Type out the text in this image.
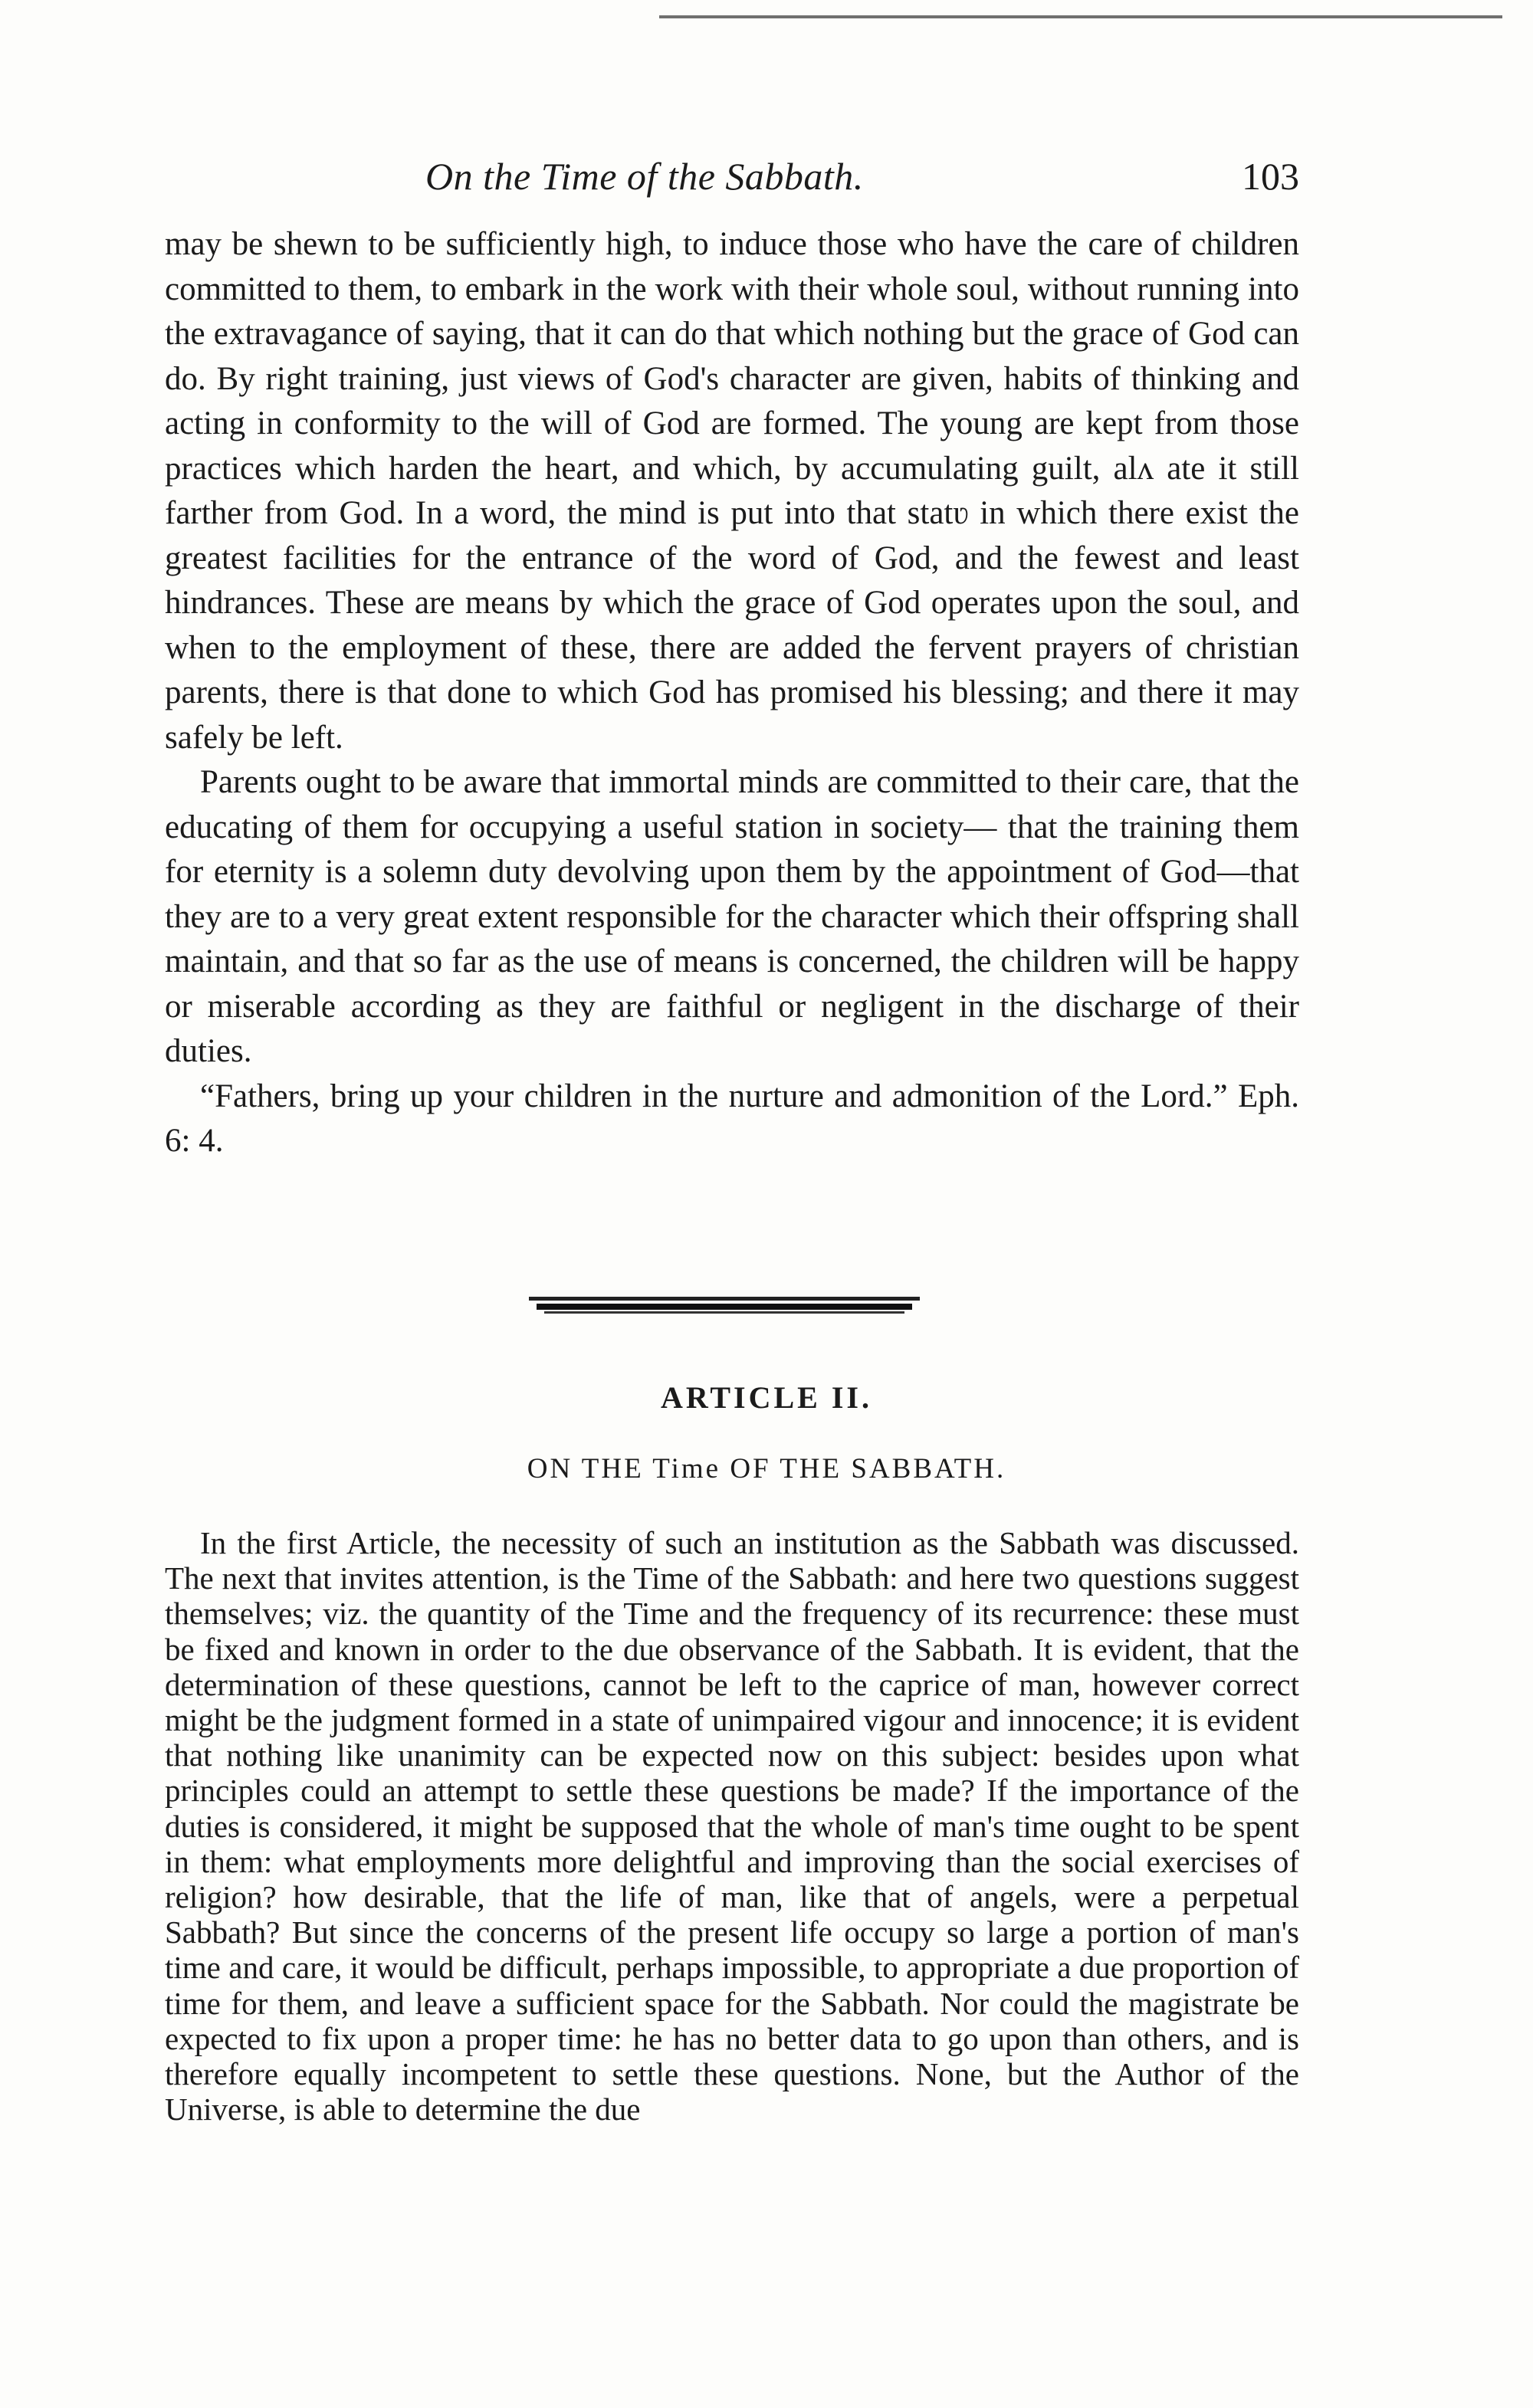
On the Time of the Sabbath.	103

may be shewn to be sufficiently high, to induce those who have the care of children committed to them, to embark in the work with their whole soul, without running into the extravagance of saying, that it can do that which nothing but the grace of God can do. By right training, just views of God's character are given, habits of thinking and acting in conformity to the will of God are formed. The young are kept from those practices which harden the heart, and which, by accumulating guilt, alʌ ate it still farther from God. In a word, the mind is put into that statʋ in which there exist the greatest facilities for the entrance of the word of God, and the fewest and least hindrances. These are means by which the grace of God operates upon the soul, and when to the employment of these, there are added the fervent prayers of christian parents, there is that done to which God has promised his blessing; and there it may safely be left.

Parents ought to be aware that immortal minds are committed to their care, that the educating of them for occupying a useful station in society— that the training them for eternity is a solemn duty devolving upon them by the appointment of God—that they are to a very great extent responsible for the character which their offspring shall maintain, and that so far as the use of means is concerned, the children will be happy or miserable according as they are faithful or negligent in the discharge of their duties.

“Fathers, bring up your children in the nurture and admonition of the Lord.” Eph. 6: 4.

ARTICLE II.
ON THE Time OF THE SABBATH.

In the first Article, the necessity of such an institution as the Sabbath was discussed. The next that invites attention, is the Time of the Sabbath: and here two questions suggest themselves; viz. the quantity of the Time and the frequency of its recurrence: these must be fixed and known in order to the due observance of the Sabbath. It is evident, that the determination of these questions, cannot be left to the caprice of man, however correct might be the judgment formed in a state of unimpaired vigour and innocence; it is evident that nothing like unanimity can be expected now on this subject: besides upon what principles could an attempt to settle these questions be made? If the importance of the duties is considered, it might be supposed that the whole of man's time ought to be spent in them: what employments more delightful and improving than the social exercises of religion? how desirable, that the life of man, like that of angels, were a perpetual Sabbath? But since the concerns of the present life occupy so large a portion of man's time and care, it would be difficult, perhaps impossible, to appropriate a due proportion of time for them, and leave a sufficient space for the Sabbath. Nor could the magistrate be expected to fix upon a proper time: he has no better data to go upon than others, and is therefore equally incompetent to settle these questions. None, but the Author of the Universe, is able to determine the due
